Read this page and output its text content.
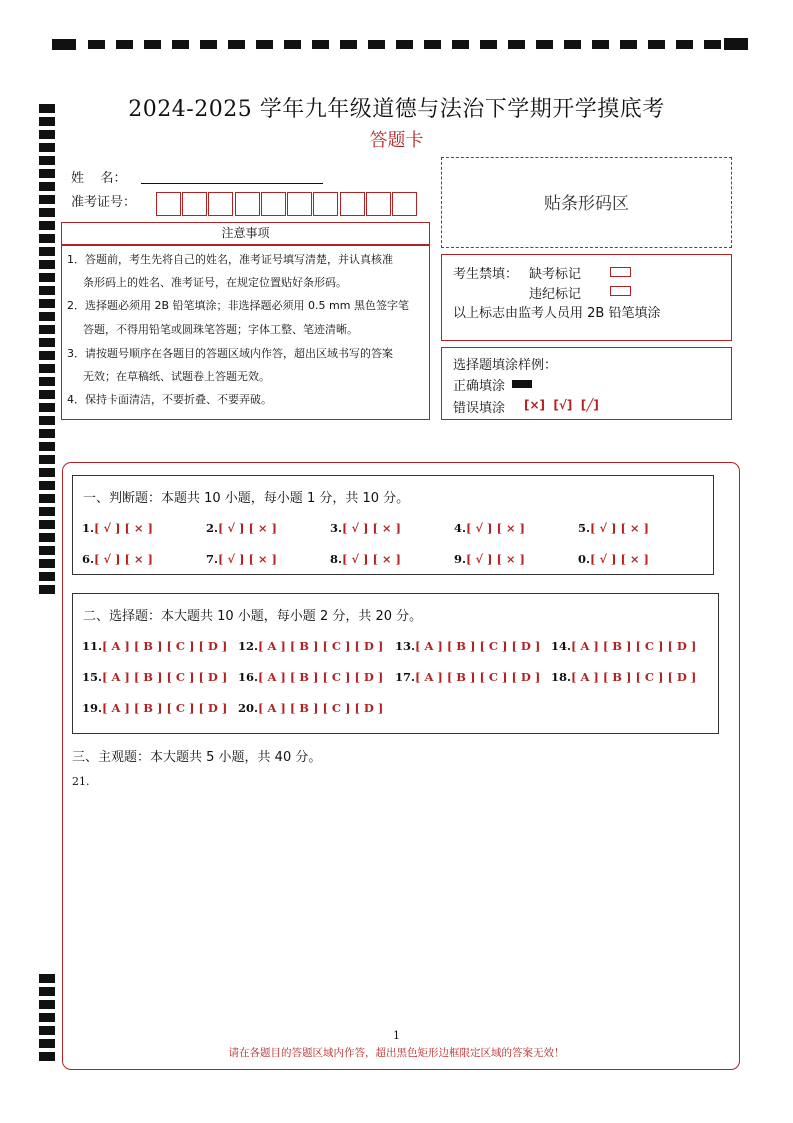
2024-2025 学年九年级道德与法治下学期开学摸底考
答题卡
姓    名：
准考证号：	贴条形码区
注意事项
1．答题前，考生先将自己的姓名，准考证号填写清楚，并认真核准
条形码上的姓名、准考证号，在规定位置贴好条形码。
2．选择题必须用 2B 铅笔填涂；非选择题必须用 0.5 mm 黑色签字笔
答题，不得用铅笔或圆珠笔答题；字体工整、笔迹清晰。
3．请按题号顺序在各题目的答题区域内作答，超出区域书写的答案
无效；在草稿纸、试题卷上答题无效。
4．保持卡面清洁，不要折叠、不要弄破。
考生禁填： 缺考标记
违纪标记
以上标志由监考人员用 2B 铅笔填涂
选择题填涂样例：
正确填涂
错误填涂 [×]  [√]  [╱]
一、判断题：本题共 10 小题，每小题 1 分，共 10 分。
1.[ √ ] [ × ]	2.[ √ ] [ × ]	3.[ √ ] [ × ]	4.[ √ ] [ × ]	5.[ √ ] [ × ]
6.[ √ ] [ × ]	7.[ √ ] [ × ]	8.[ √ ] [ × ]	9.[ √ ] [ × ]	0.[ √ ] [ × ]
二、选择题：本大题共 10 小题，每小题 2 分，共 20 分。
11.[ A ] [ B ] [ C ] [ D ] 12.[ A ] [ B ] [ C ] [ D ] 13.[ A ] [ B ] [ C ] [ D ] 14.[ A ] [ B ] [ C ] [ D ]
15.[ A ] [ B ] [ C ] [ D ] 16.[ A ] [ B ] [ C ] [ D ] 17.[ A ] [ B ] [ C ] [ D ] 18.[ A ] [ B ] [ C ] [ D ]
19.[ A ] [ B ] [ C ] [ D ] 20.[ A ] [ B ] [ C ] [ D ]
三、主观题：本大题共 5 小题，共 40 分。
21.
1
请在各题目的答题区域内作答，超出黑色矩形边框限定区域的答案无效！
